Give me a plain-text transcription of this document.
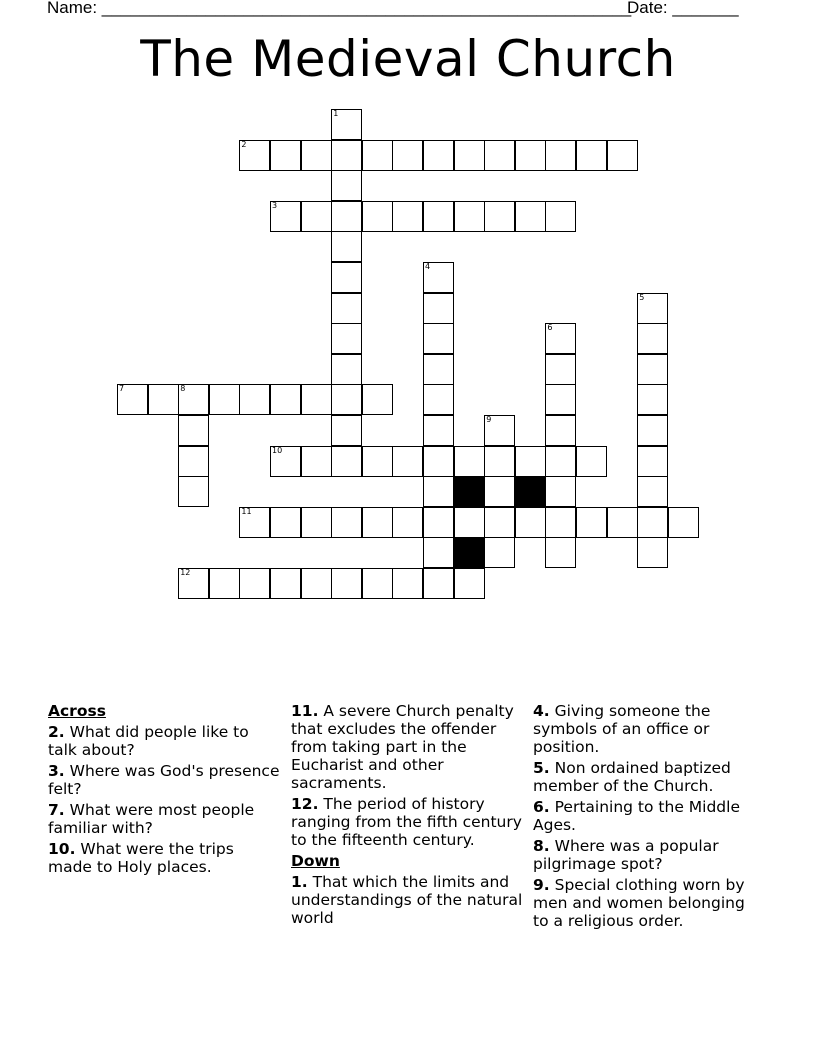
Name: ________________________________________________________
Date: _______
The Medieval Church
1
2
3
4
5
6
7	8
9
10
11
12
Across
2. What did people like to talk about?
3. Where was God's presence felt?
7. What were most people familiar with?
10. What were the trips made to Holy places.
11. A severe Church penalty that excludes the offender from taking part in the Eucharist and other sacraments.
12. The period of history ranging from the fifth century to the fifteenth century.
Down
1. That which the limits and understandings of the natural world
4. Giving someone the symbols of an office or position.
5. Non ordained baptized member of the Church.
6. Pertaining to the Middle Ages.
8. Where was a popular pilgrimage spot?
9. Special clothing worn by men and women belonging to a religious order.
